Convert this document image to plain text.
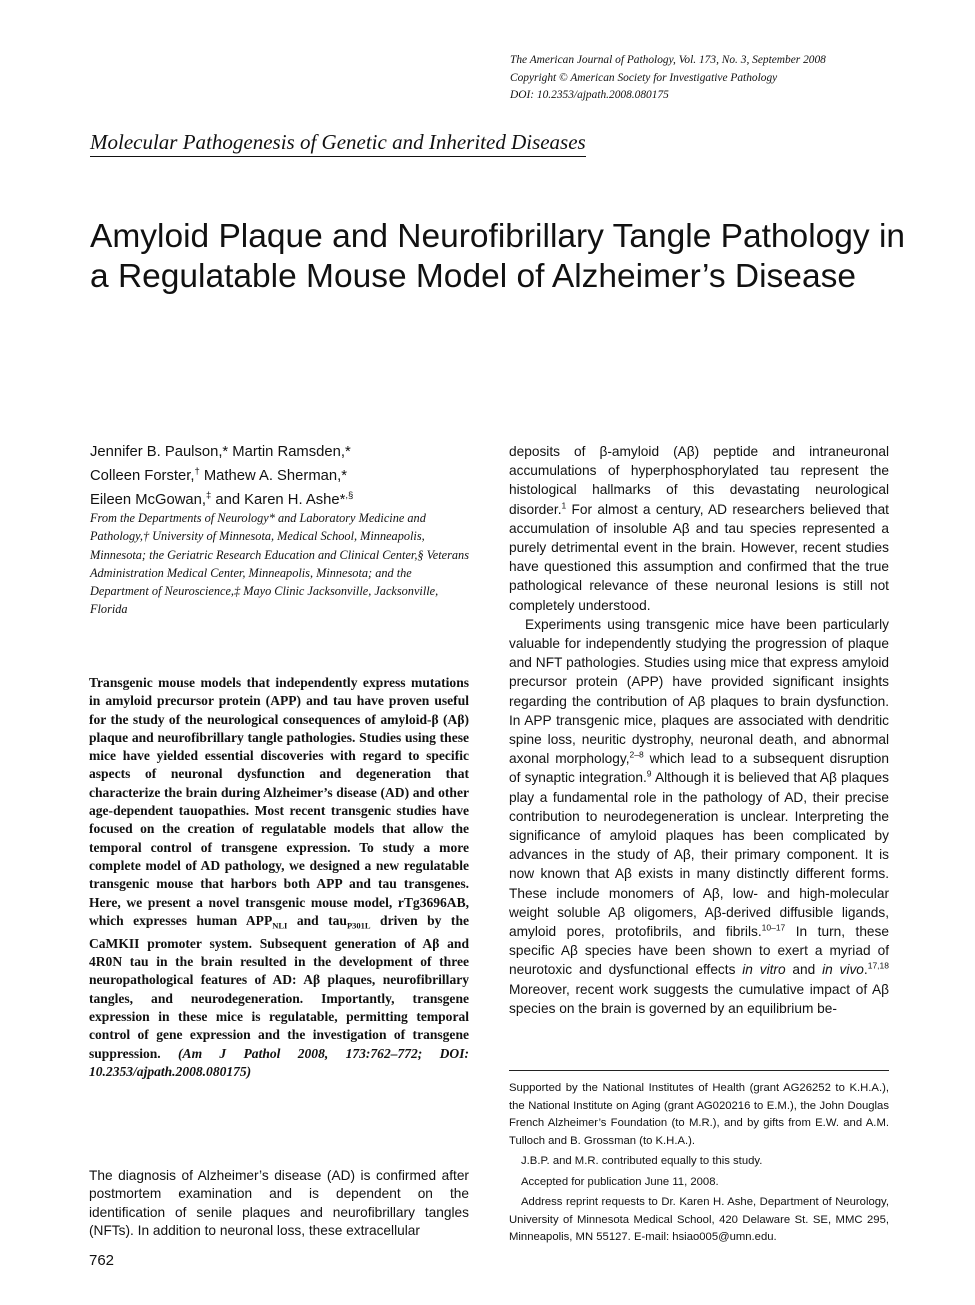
The American Journal of Pathology, Vol. 173, No. 3, September 2008
Copyright © American Society for Investigative Pathology
DOI: 10.2353/ajpath.2008.080175
Molecular Pathogenesis of Genetic and Inherited Diseases
Amyloid Plaque and Neurofibrillary Tangle Pathology in a Regulatable Mouse Model of Alzheimer’s Disease
Jennifer B. Paulson,* Martin Ramsden,*
Colleen Forster,† Mathew A. Sherman,*
Eileen McGowan,‡ and Karen H. Ashe*,§
From the Departments of Neurology* and Laboratory Medicine and Pathology,† University of Minnesota, Medical School, Minneapolis, Minnesota; the Geriatric Research Education and Clinical Center,§ Veterans Administration Medical Center, Minneapolis, Minnesota; and the Department of Neuroscience,‡ Mayo Clinic Jacksonville, Jacksonville, Florida
Transgenic mouse models that independently express mutations in amyloid precursor protein (APP) and tau have proven useful for the study of the neurological consequences of amyloid-β (Aβ) plaque and neurofibrillary tangle pathologies. Studies using these mice have yielded essential discoveries with regard to specific aspects of neuronal dysfunction and degeneration that characterize the brain during Alzheimer’s disease (AD) and other age-dependent tauopathies. Most recent transgenic studies have focused on the creation of regulatable models that allow the temporal control of transgene expression. To study a more complete model of AD pathology, we designed a new regulatable transgenic mouse that harbors both APP and tau transgenes. Here, we present a novel transgenic mouse model, rTg3696AB, which expresses human $APP_{NLI}$ and tau$_{P301L}$ driven by the CaMKII promoter system. Subsequent generation of Aβ and 4R0N tau in the brain resulted in the development of three neuropathological features of AD: Aβ plaques, neurofibrillary tangles, and neurodegeneration. Importantly, transgene expression in these mice is regulatable, permitting temporal control of gene expression and the investigation of transgene suppression. (Am J Pathol 2008, 173:762–772; DOI: 10.2353/ajpath.2008.080175)
The diagnosis of Alzheimer’s disease (AD) is confirmed after postmortem examination and is dependent on the identification of senile plaques and neurofibrillary tangles (NFTs). In addition to neuronal loss, these extracellular

deposits of β-amyloid (Aβ) peptide and intraneuronal accumulations of hyperphosphorylated tau represent the histological hallmarks of this devastating neurological disorder.$^1$ For almost a century, AD researchers believed that accumulation of insoluble Aβ and tau species represented a purely detrimental event in the brain. However, recent studies have questioned this assumption and confirmed that the true pathological relevance of these neuronal lesions is still not completely understood.

Experiments using transgenic mice have been particularly valuable for independently studying the progression of plaque and NFT pathologies. Studies using mice that express amyloid precursor protein (APP) have provided significant insights regarding the contribution of Aβ plaques to brain dysfunction. In APP transgenic mice, plaques are associated with dendritic spine loss, neuritic dystrophy, neuronal death, and abnormal axonal morphology,$^{2-8}$ which lead to a subsequent disruption of synaptic integration.$^9$ Although it is believed that Aβ plaques play a fundamental role in the pathology of AD, their precise contribution to neurodegeneration is unclear. Interpreting the significance of amyloid plaques has been complicated by advances in the study of Aβ, their primary component. It is now known that Aβ exists in many distinctly different forms. These include monomers of Aβ, low- and high-molecular weight soluble Aβ oligomers, Aβ-derived diffusible ligands, amyloid pores, protofibrils, and fibrils.$^{10-17}$ In turn, these specific Aβ species have been shown to exert a myriad of neurotoxic and dysfunctional effects in vitro and in vivo.$^{17,18}$ Moreover, recent work suggests the cumulative impact of Aβ species on the brain is governed by an equilibrium be-

Supported by the National Institutes of Health (grant AG26252 to K.H.A.), the National Institute on Aging (grant AG020216 to E.M.), the John Douglas French Alzheimer’s Foundation (to M.R.), and by gifts from E.W. and A.M. Tulloch and B. Grossman (to K.H.A.).

J.B.P. and M.R. contributed equally to this study.

Accepted for publication June 11, 2008.

Address reprint requests to Dr. Karen H. Ashe, Department of Neurology, University of Minnesota Medical School, 420 Delaware St. SE, MMC 295, Minneapolis, MN 55127. E-mail: hsiao005@umn.edu.

762
